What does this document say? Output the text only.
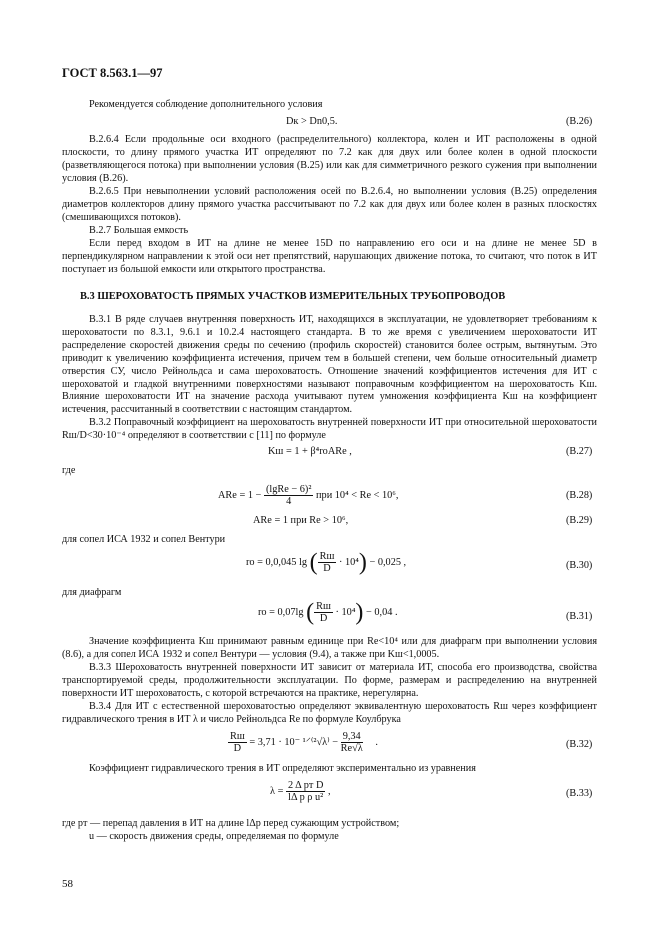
ГОСТ 8.563.1—97
Рекомендуется соблюдение дополнительного условия
Dк > Dn0,5.	(В.26)
В.2.6.4 Если продольные оси входного (распределительного) коллектора, колен и ИТ расположены в одной плоскости, то длину прямого участка ИТ определяют по 7.2 как для двух или более колен в одной плоскости (разветвляющегося потока) при выполнении условия (В.25) или как для симметричного резкого сужения при выполнении условия (В.26).
В.2.6.5 При невыполнении условий расположения осей по В.2.6.4, но выполнении условия (В.25) определения диаметров коллекторов длину прямого участка рассчитывают по 7.2 как для двух или более колен в разных плоскостях (смешивающихся потоков).
В.2.7 Большая емкость
Если перед входом в ИТ на длине не менее 15D по направлению его оси и на длине не менее 5D в перпендикулярном направлении к этой оси нет препятствий, нарушающих движение потока, то считают, что поток в ИТ поступает из большой емкости или открытого пространства.
В.3 ШЕРОХОВАТОСТЬ ПРЯМЫХ УЧАСТКОВ ИЗМЕРИТЕЛЬНЫХ ТРУБОПРОВОДОВ
В.3.1 В ряде случаев внутренняя поверхность ИТ, находящихся в эксплуатации, не удовлетворяет требованиям к шероховатости по 8.3.1, 9.6.1 и 10.2.4 настоящего стандарта. В то же время с увеличением шероховатости ИТ распределение скоростей движения среды по сечению (профиль скоростей) становится более острым, вытянутым. Это приводит к увеличению коэффициента истечения, причем тем в большей степени, чем больше относительный диаметр отверстия СУ, число Рейнольдса и сама шероховатость. Отношение значений коэффициентов истечения для ИТ с шероховатой и гладкой внутренними поверхностями называют поправочным коэффициентом на шероховатость Kш. Влияние шероховатости ИТ на значение расхода учитывают путем умножения коэффициента Kш на коэффициент истечения, рассчитанный в соответствии с настоящим стандартом.
В.3.2 Поправочный коэффициент на шероховатость внутренней поверхности ИТ при относительной шероховатости Rш/D<30·10⁻⁴ определяют в соответствии с [11] по формуле
Kш = 1 + β⁴rоARe ,	(В.27)
где
ARe = $1 - \frac{\text{(lgRe − 6)²}}{4}$ при 10⁴ < Re < 10⁶,	(В.28)
ARe = 1 при Re > 10⁶,	(В.29)
для сопел ИСА 1932 и сопел Вентури
rо = 0,0,045 lg ( $\frac{Rш}{D} \cdot 10^4) - 0,025$ ,	(В.30)
для диафрагм
rо = 0,07lg ( $\frac{Rш}{D} \cdot 10^4) - 0,04$ .	(В.31)
Значение коэффициента Kш принимают равным единице при Re<10⁴ или для диафрагм при выполнении условия (8.6), а для сопел ИСА 1932 и сопел Вентури — условия (9.4), а также при Kш<1,0005.
В.3.3 Шероховатость внутренней поверхности ИТ зависит от материала ИТ, способа его производства, свойства транспортируемой среды, продолжительности эксплуатации. По форме, размерам и распределению на внутренней поверхности ИТ шероховатость, с которой встречаются на практике, нерегулярна.
В.3.4 Для ИТ с естественной шероховатостью определяют эквивалентную шероховатость Rш через коэффициент гидравлического трения в ИТ λ и число Рейнольдса Re по формуле Коулбрука
$\frac{Rш}{D} = 3,71 \cdot 10^-$ ¹⸍⁽²√λ⁾ − $\frac{9,34}{Re√\lambda}$ .	(В.32)
Коэффициент гидравлического трения в ИТ определяют экспериментально из уравнения
$\lambda = \frac{\text{2 Δ pт D}}{\text{lΔ p ρ u²}}$ ,	(В.33)
где pт — перепад давления в ИТ на длине lΔp перед сужающим устройством;
u — скорость движения среды, определяемая по формуле
58
